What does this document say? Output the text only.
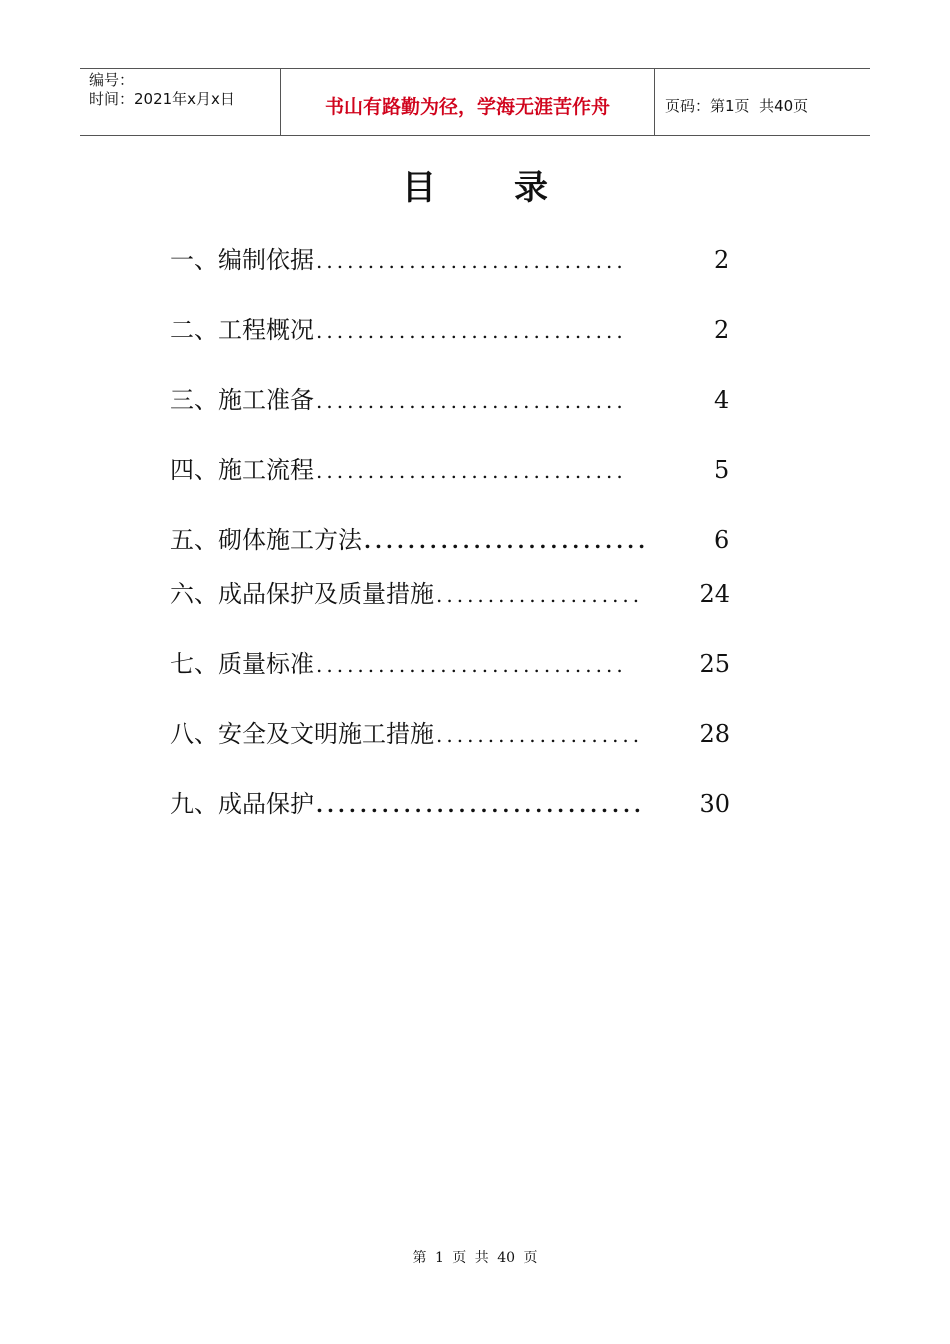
编号：
时间：2021年x月x日	书山有路勤为径，学海无涯苦作舟	页码：第1页  共40页
目录
一、编制依据 ..............................	2
二、工程概况 ..............................	2
三、施工准备 ..............................	4
四、施工流程 ..............................	5
五、砌体施工方法 ..........................	6
六、成品保护及质量措施 ....................	24
七、质量标准 ..............................	25
八、安全及文明施工措施 ....................	28
九、成品保护 ..............................	30
第 1 页 共 40 页
